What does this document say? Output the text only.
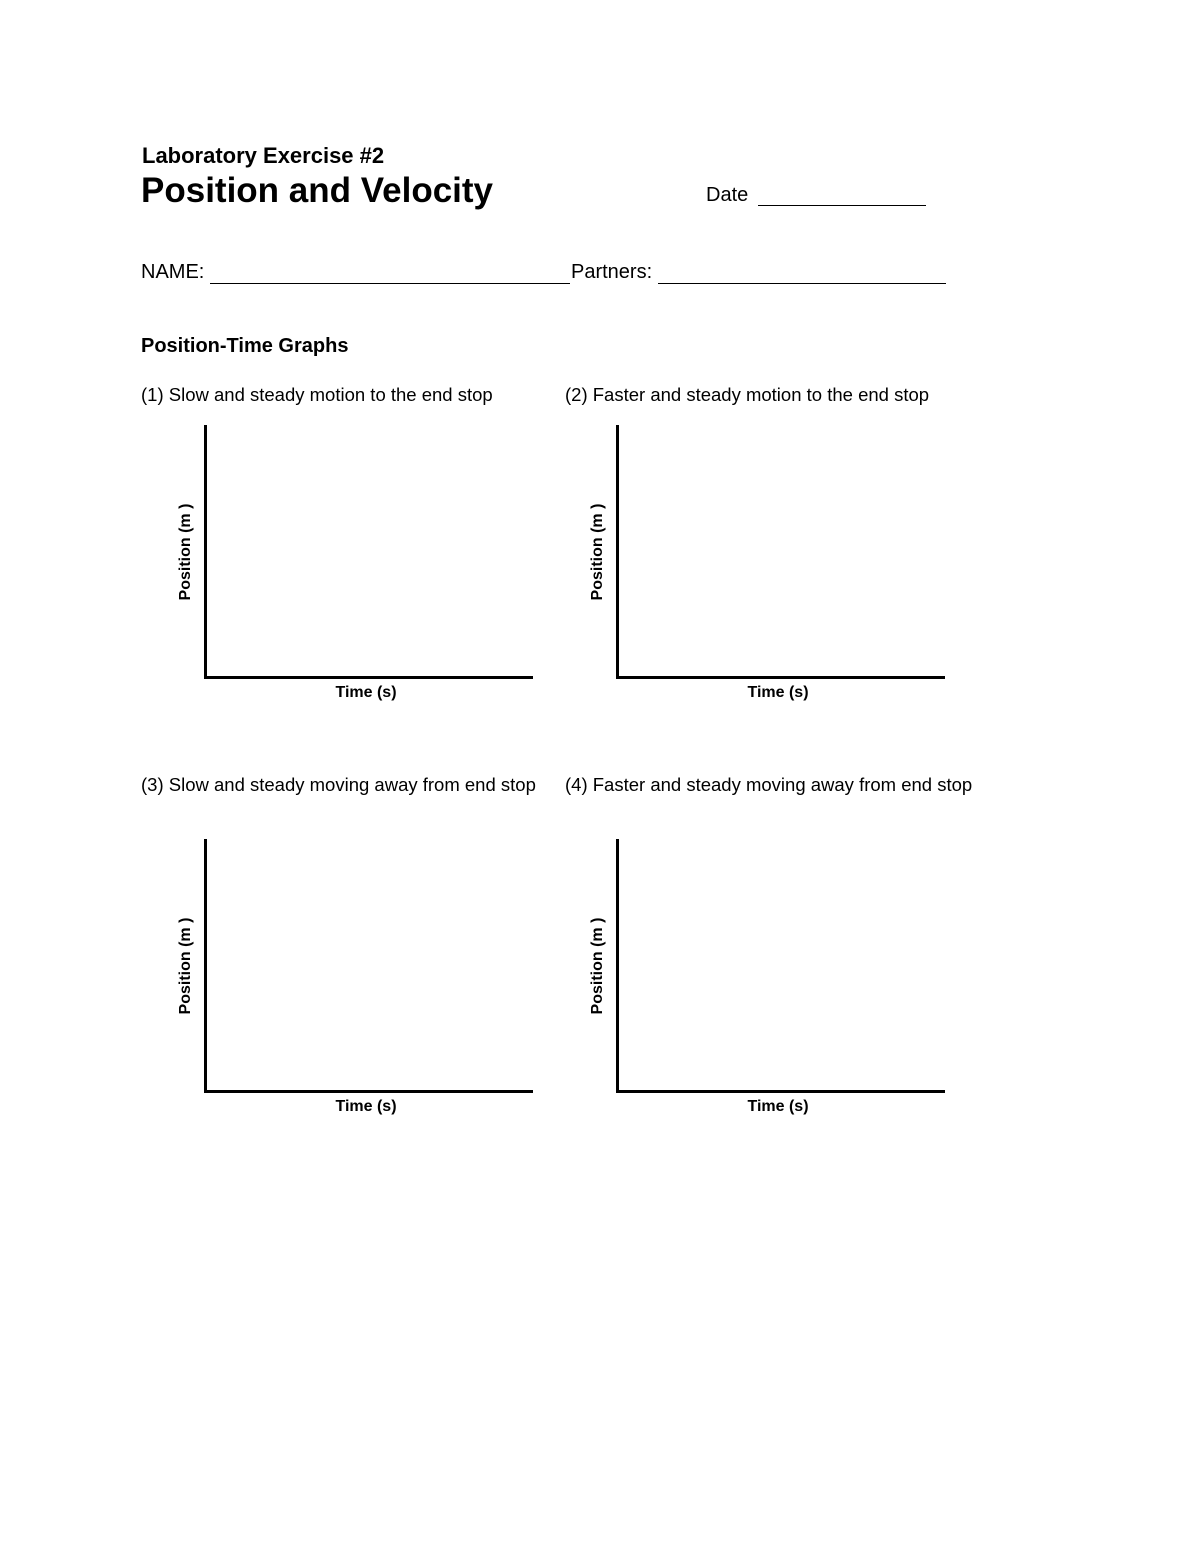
Laboratory Exercise #2
Position and Velocity	Date
NAME:	Partners:
Position-Time Graphs
(1) Slow and steady motion to the end stop	(2) Faster and steady motion to the end stop
(3) Slow and steady moving away from end stop (4) Faster and steady moving away from end stop
Position (m )
Time (s)
Position (m )
Time (s)
Position (m )
Time (s)
Position (m )
Time (s)
